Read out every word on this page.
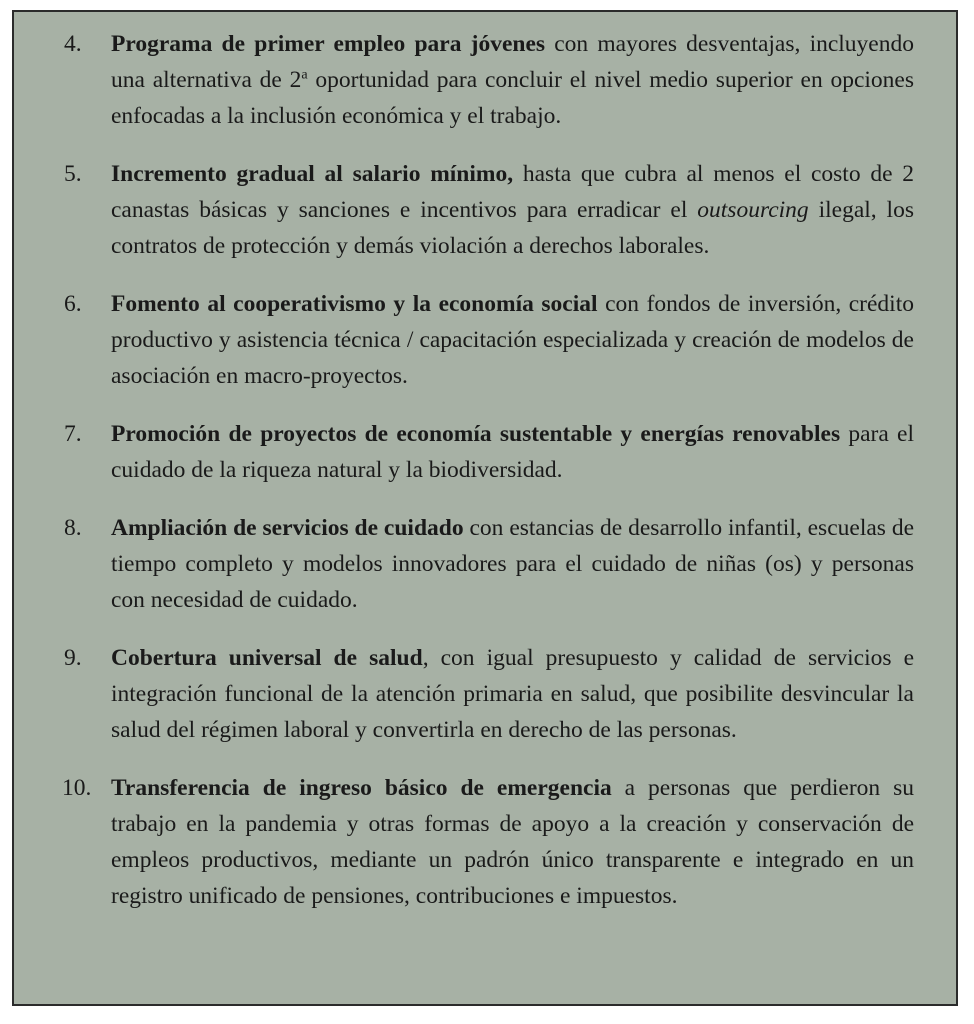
4. Programa de primer empleo para jóvenes con mayores desventajas, incluyendo una alternativa de 2$^a$ oportunidad para concluir el nivel medio superior en opciones enfocadas a la inclusión económica y el trabajo.
5. Incremento gradual al salario mínimo, hasta que cubra al menos el costo de 2 canastas básicas y sanciones e incentivos para erradicar el outsourcing ilegal, los contratos de protección y demás violación a derechos laborales.
6. Fomento al cooperativismo y la economía social con fondos de inversión, crédito productivo y asistencia técnica / capacitación especializada y creación de modelos de asociación en macro-proyectos.
7. Promoción de proyectos de economía sustentable y energías renovables para el cuidado de la riqueza natural y la biodiversidad.
8. Ampliación de servicios de cuidado con estancias de desarrollo infantil, escuelas de tiempo completo y modelos innovadores para el cuidado de niñas (os) y personas con necesidad de cuidado.
9. Cobertura universal de salud, con igual presupuesto y calidad de servicios e integración funcional de la atención primaria en salud, que posibilite desvincular la salud del régimen laboral y convertirla en derecho de las personas.
10. Transferencia de ingreso básico de emergencia a personas que perdieron su trabajo en la pandemia y otras formas de apoyo a la creación y conservación de empleos productivos, mediante un padrón único transparente e integrado en un registro unificado de pensiones, contribuciones e impuestos.
